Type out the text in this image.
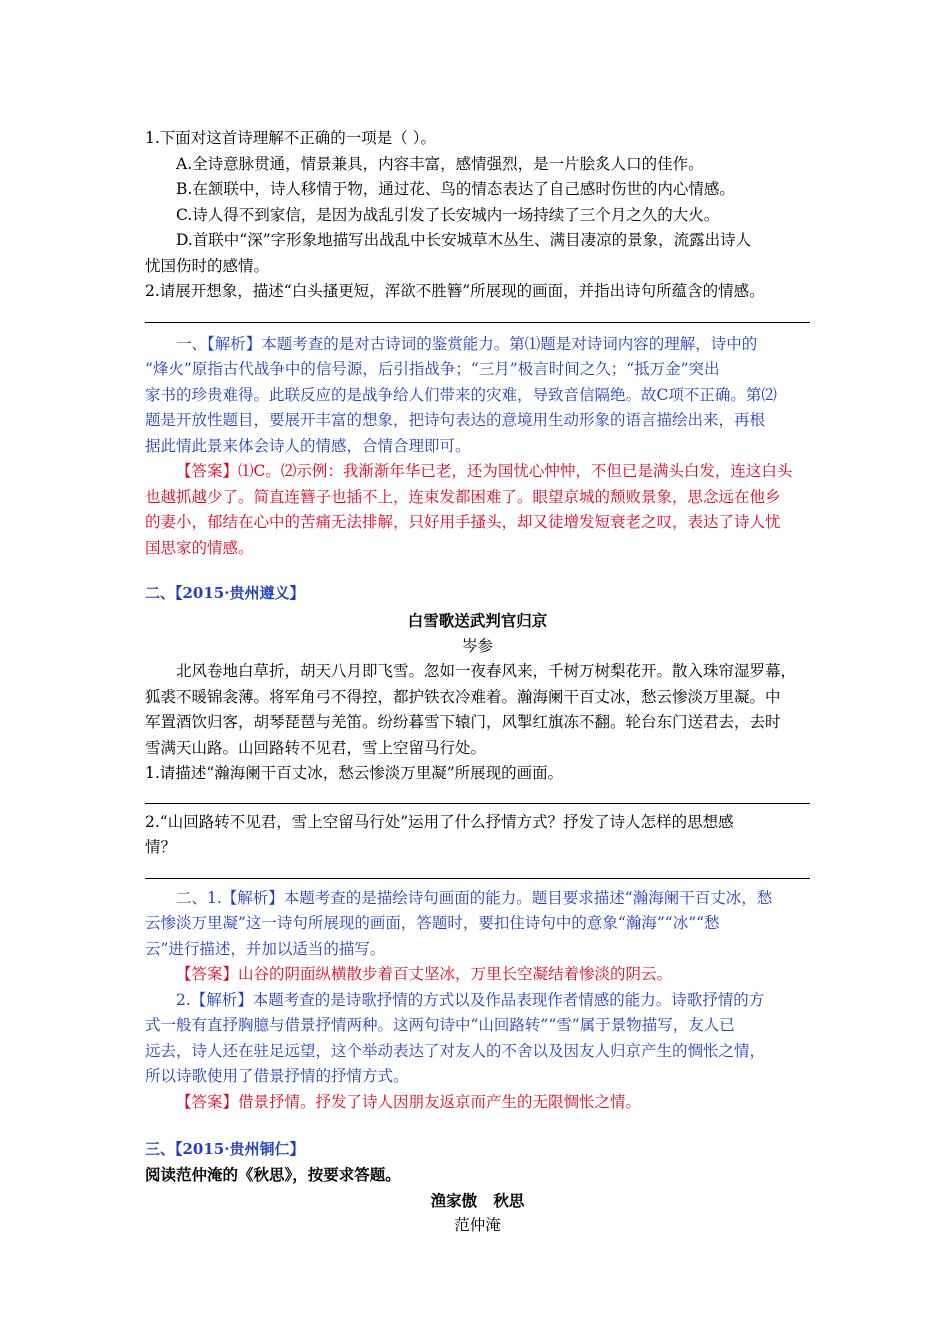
1.下面对这首诗理解不正确的一项是（ ）。
A.全诗意脉贯通，情景兼具，内容丰富，感情强烈，是一片脍炙人口的佳作。
B.在颔联中，诗人移情于物，通过花、鸟的情态表达了自己感时伤世的内心情感。
C.诗人得不到家信，是因为战乱引发了长安城内一场持续了三个月之久的大火。
D.首联中“深”字形象地描写出战乱中长安城草木丛生、满目凄凉的景象，流露出诗人
忧国伤时的感情。
2.请展开想象，描述“白头搔更短，浑欲不胜簪”所展现的画面，并指出诗句所蕴含的情感。
一、【解析】本题考查的是对古诗词的鉴赏能力。第⑴题是对诗词内容的理解，诗中的
“烽火”原指古代战争中的信号源，后引指战争；“三月”极言时间之久；“抵万金”突出
家书的珍贵难得。此联反应的是战争给人们带来的灾难，导致音信隔绝。故C项不正确。第⑵
题是开放性题目，要展开丰富的想象，把诗句表达的意境用生动形象的语言描绘出来，再根
据此情此景来体会诗人的情感，合情合理即可。
【答案】⑴C。⑵示例：我渐渐年华已老，还为国忧心忡忡，不但已是满头白发，连这白头
也越抓越少了。简直连簪子也插不上，连束发都困难了。眼望京城的颓败景象，思念远在他乡
的妻小，郁结在心中的苦痛无法排解，只好用手搔头，却又徒增发短衰老之叹，表达了诗人忧
国思家的情感。
二、【2015·贵州遵义】
白雪歌送武判官归京
岑参
北风卷地白草折，胡天八月即飞雪。忽如一夜春风来，千树万树梨花开。散入珠帘湿罗幕，
狐裘不暖锦衾薄。将军角弓不得控，都护铁衣冷难着。瀚海阑干百丈冰，愁云惨淡万里凝。中
军置酒饮归客，胡琴琵琶与羌笛。纷纷暮雪下辕门，风掣红旗冻不翻。轮台东门送君去，去时
雪满天山路。山回路转不见君，雪上空留马行处。
1.请描述“瀚海阑干百丈冰，愁云惨淡万里凝”所展现的画面。
2.“山回路转不见君，雪上空留马行处”运用了什么抒情方式？抒发了诗人怎样的思想感
情？
二、1.【解析】本题考查的是描绘诗句画面的能力。题目要求描述“瀚海阑干百丈冰，愁
云惨淡万里凝”这一诗句所展现的画面，答题时，要扣住诗句中的意象“瀚海”“冰”“愁
云”进行描述，并加以适当的描写。
【答案】山谷的阴面纵横散步着百丈坚冰，万里长空凝结着惨淡的阴云。
2.【解析】本题考查的是诗歌抒情的方式以及作品表现作者情感的能力。诗歌抒情的方
式一般有直抒胸臆与借景抒情两种。这两句诗中“山回路转”“雪”属于景物描写，友人已
远去，诗人还在驻足远望，这个举动表达了对友人的不舍以及因友人归京产生的惆怅之情，
所以诗歌使用了借景抒情的抒情方式。
【答案】借景抒情。抒发了诗人因朋友返京而产生的无限惆怅之情。
三、【2015·贵州铜仁】
阅读范仲淹的《秋思》，按要求答题。
渔家傲   秋思
范仲淹
